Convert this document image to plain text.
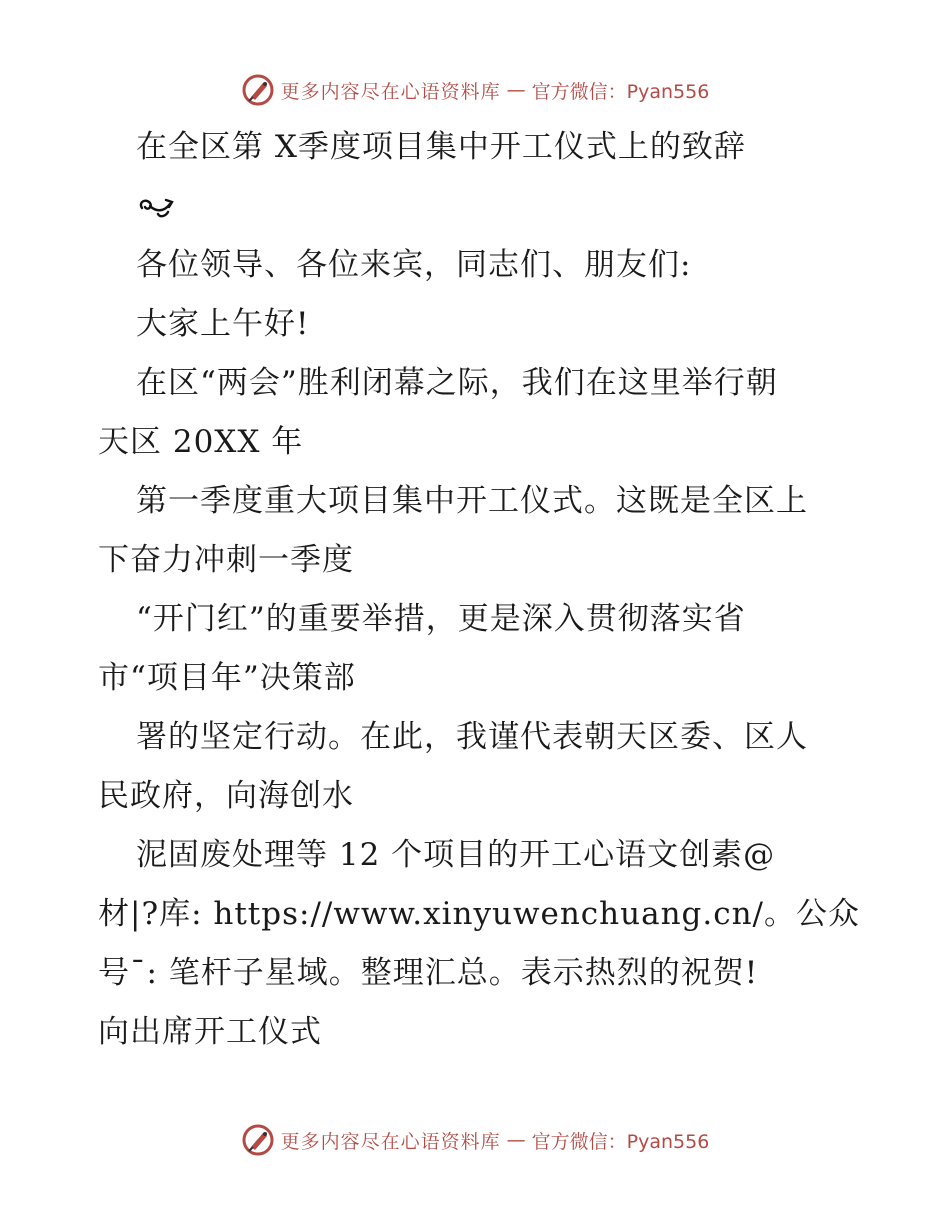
更多内容尽在心语资料库 — 官方微信：Pyan556
在全区第 X季度项目集中开工仪式上的致辞
各位领导、各位来宾，同志们、朋友们:
大家上午好!
在区“两会”胜利闭幕之际，我们在这里举行朝
天区 20XX 年
第一季度重大项目集中开工仪式。这既是全区上
下奋力冲刺一季度
“开门红”的重要举措，更是深入贯彻落实省
市“项目年”决策部
署的坚定行动。在此，我谨代表朝天区委、区人
民政府，向海创水
泥固废处理等 12 个项目的开工心语文创素@
材|?库: https://www.xinyuwenchuang.cn/。公众
号¯: 笔杆子星域。整理汇总。表示热烈的祝贺!
向出席开工仪式
更多内容尽在心语资料库 — 官方微信：Pyan556
